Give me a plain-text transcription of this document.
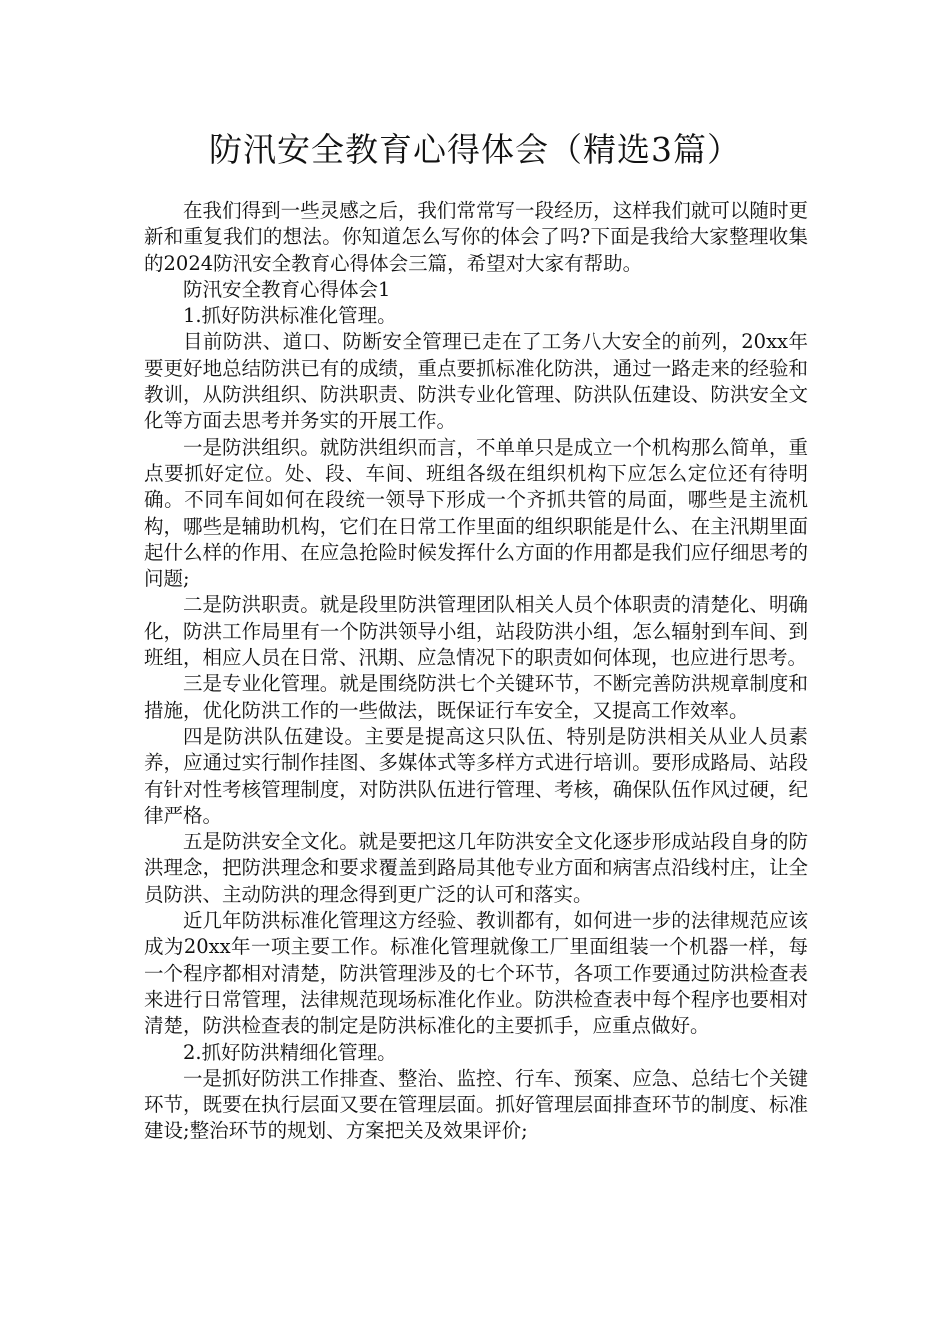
防汛安全教育心得体会（精选3篇）

在我们得到一些灵感之后，我们常常写一段经历，这样我们就可以随时更新和重复我们的想法。你知道怎么写你的体会了吗?下面是我给大家整理收集的2024防汛安全教育心得体会三篇，希望对大家有帮助。

防汛安全教育心得体会1

1.抓好防洪标准化管理。

目前防洪、道口、防断安全管理已走在了工务八大安全的前列，20xx年要更好地总结防洪已有的成绩，重点要抓标准化防洪，通过一路走来的经验和教训，从防洪组织、防洪职责、防洪专业化管理、防洪队伍建设、防洪安全文化等方面去思考并务实的开展工作。

一是防洪组织。就防洪组织而言，不单单只是成立一个机构那么简单，重点要抓好定位。处、段、车间、班组各级在组织机构下应怎么定位还有待明确。不同车间如何在段统一领导下形成一个齐抓共管的局面，哪些是主流机构，哪些是辅助机构，它们在日常工作里面的组织职能是什么、在主汛期里面起什么样的作用、在应急抢险时候发挥什么方面的作用都是我们应仔细思考的问题;

二是防洪职责。就是段里防洪管理团队相关人员个体职责的清楚化、明确化，防洪工作局里有一个防洪领导小组，站段防洪小组，怎么辐射到车间、到班组，相应人员在日常、汛期、应急情况下的职责如何体现，也应进行思考。

三是专业化管理。就是围绕防洪七个关键环节，不断完善防洪规章制度和措施，优化防洪工作的一些做法，既保证行车安全，又提高工作效率。

四是防洪队伍建设。主要是提高这只队伍、特别是防洪相关从业人员素养，应通过实行制作挂图、多媒体式等多样方式进行培训。要形成路局、站段有针对性考核管理制度，对防洪队伍进行管理、考核，确保队伍作风过硬，纪律严格。

五是防洪安全文化。就是要把这几年防洪安全文化逐步形成站段自身的防洪理念，把防洪理念和要求覆盖到路局其他专业方面和病害点沿线村庄，让全员防洪、主动防洪的理念得到更广泛的认可和落实。

近几年防洪标准化管理这方经验、教训都有，如何进一步的法律规范应该成为20xx年一项主要工作。标准化管理就像工厂里面组装一个机器一样，每一个程序都相对清楚，防洪管理涉及的七个环节，各项工作要通过防洪检查表来进行日常管理，法律规范现场标准化作业。防洪检查表中每个程序也要相对清楚，防洪检查表的制定是防洪标准化的主要抓手，应重点做好。

2.抓好防洪精细化管理。

一是抓好防洪工作排查、整治、监控、行车、预案、应急、总结七个关键环节，既要在执行层面又要在管理层面。抓好管理层面排查环节的制度、标准建设;整治环节的规划、方案把关及效果评价;
